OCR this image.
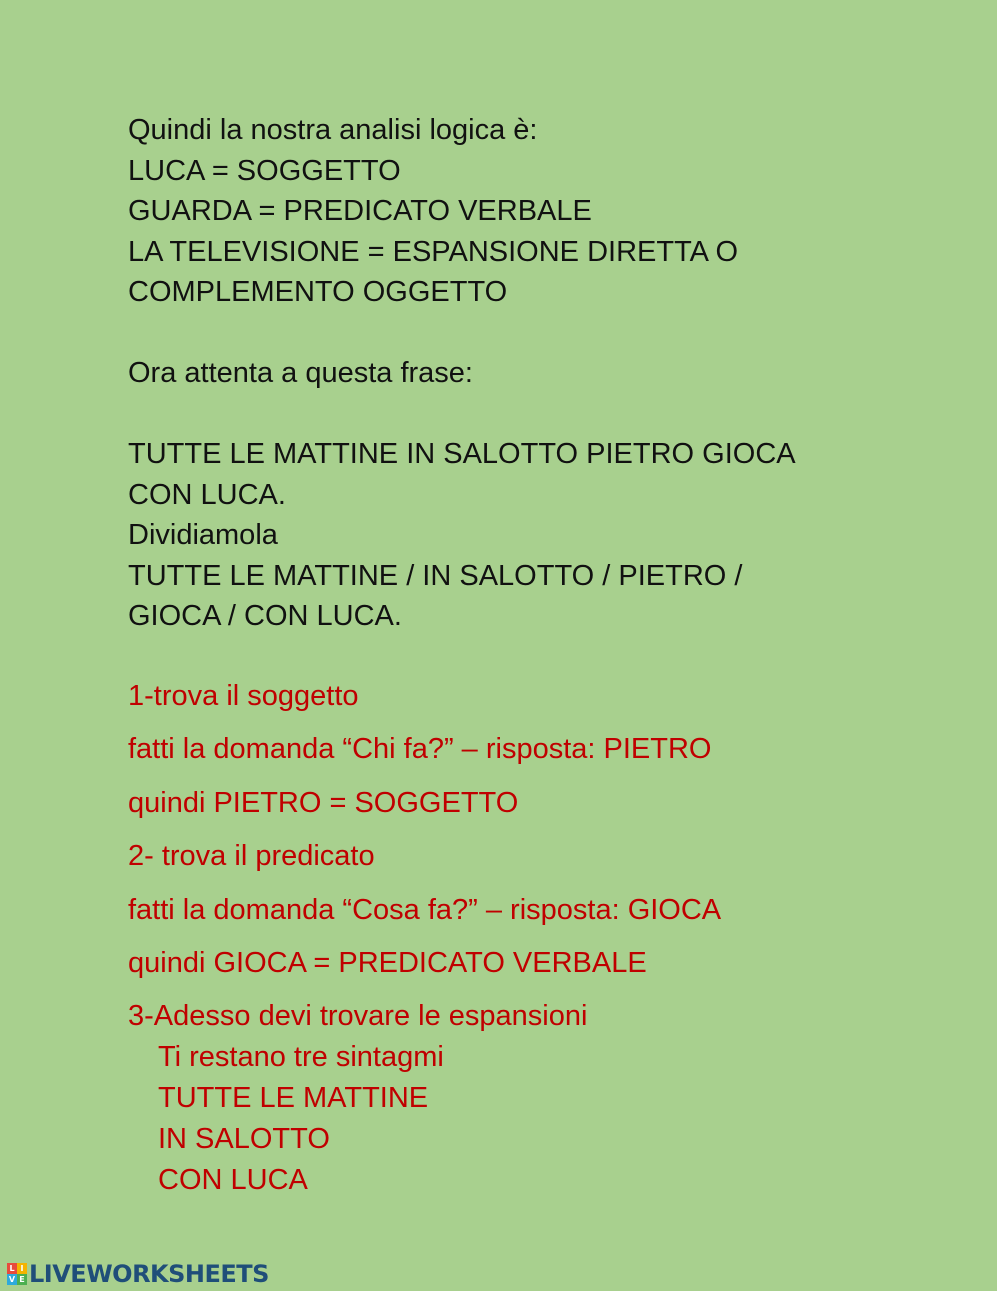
Quindi la nostra analisi logica è:
LUCA = SOGGETTO
GUARDA = PREDICATO VERBALE
LA TELEVISIONE = ESPANSIONE DIRETTA O
COMPLEMENTO OGGETTO
Ora attenta a questa frase:
TUTTE LE MATTINE IN SALOTTO PIETRO GIOCA
CON LUCA.
Dividiamola
TUTTE LE MATTINE / IN SALOTTO / PIETRO /
GIOCA / CON LUCA.
1-trova il soggetto
fatti la domanda “Chi fa?” – risposta: PIETRO
quindi PIETRO = SOGGETTO
2- trova il predicato
fatti la domanda “Cosa fa?” – risposta: GIOCA
quindi GIOCA = PREDICATO VERBALE
3-Adesso devi trovare le espansioni
Ti restano tre sintagmi
TUTTE LE MATTINE
IN SALOTTO
CON LUCA
L I
V E LIVEWORKSHEETS
